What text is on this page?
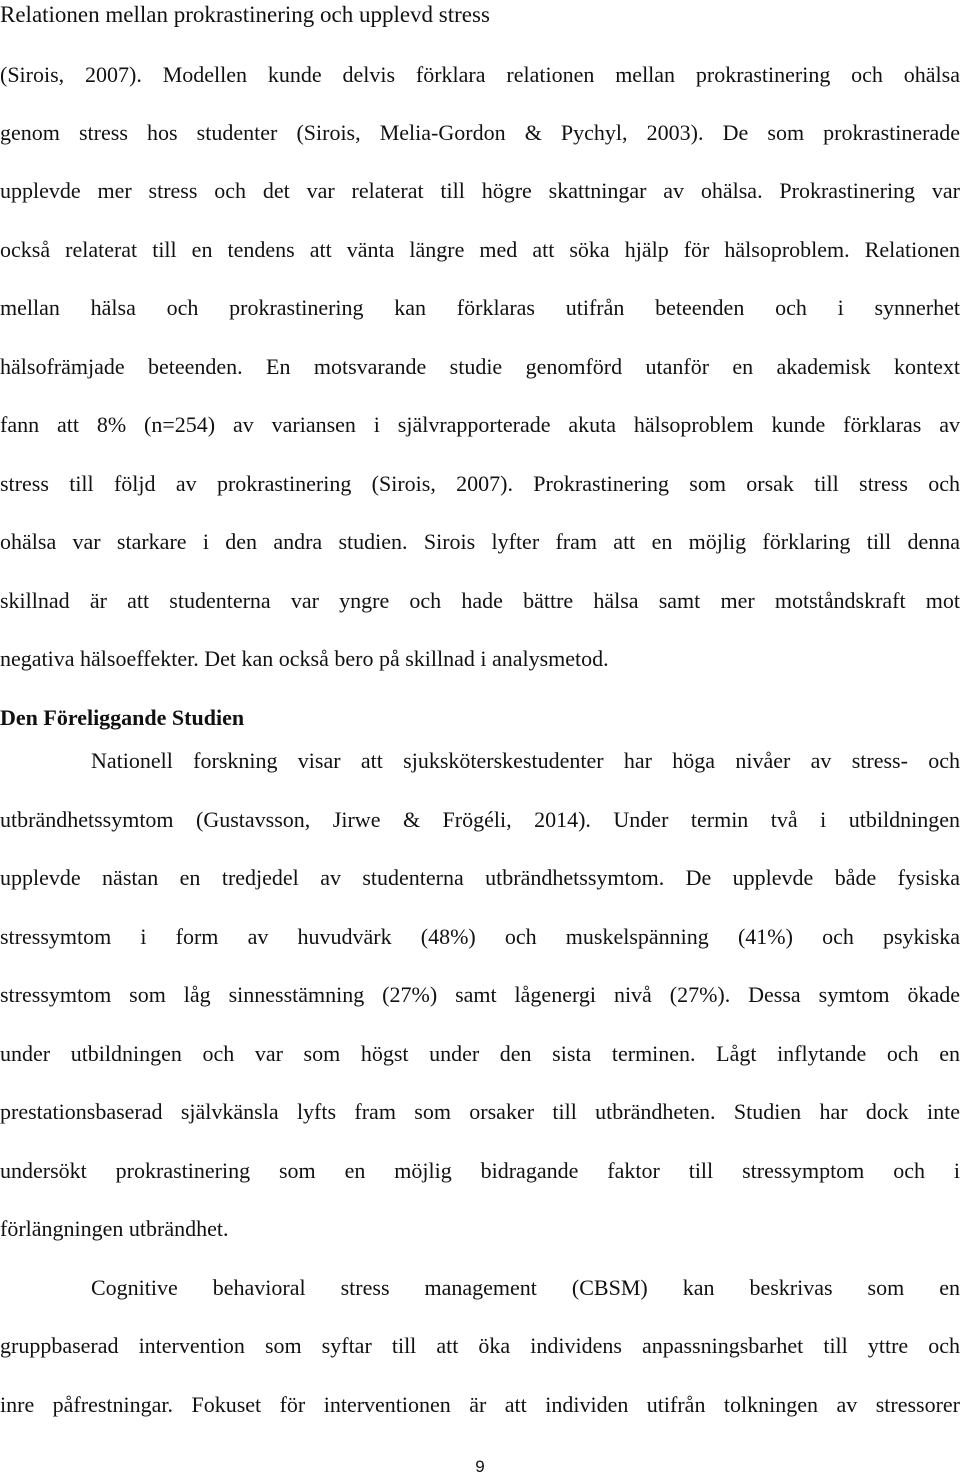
Relationen mellan prokrastinering och upplevd stress
(Sirois, 2007). Modellen kunde delvis förklara relationen mellan prokrastinering och ohälsa
genom stress hos studenter (Sirois, Melia-Gordon & Pychyl, 2003). De som prokrastinerade
upplevde mer stress och det var relaterat till högre skattningar av ohälsa. Prokrastinering var
också relaterat till en tendens att vänta längre med att söka hjälp för hälsoproblem. Relationen
mellan hälsa och prokrastinering kan förklaras utifrån beteenden och i synnerhet
hälsofrämjade beteenden. En motsvarande studie genomförd utanför en akademisk kontext
fann att 8% (n=254) av variansen i självrapporterade akuta hälsoproblem kunde förklaras av
stress till följd av prokrastinering (Sirois, 2007). Prokrastinering som orsak till stress och
ohälsa var starkare i den andra studien. Sirois lyfter fram att en möjlig förklaring till denna
skillnad är att studenterna var yngre och hade bättre hälsa samt mer motståndskraft mot
negativa hälsoeffekter. Det kan också bero på skillnad i analysmetod.
Den Föreliggande Studien
Nationell forskning visar att sjuksköterskestudenter har höga nivåer av stress- och
utbrändhetssymtom (Gustavsson, Jirwe & Frögéli, 2014). Under termin två i utbildningen
upplevde nästan en tredjedel av studenterna utbrändhetssymtom. De upplevde både fysiska
stressymtom i form av huvudvärk (48%) och muskelspänning (41%) och psykiska
stressymtom som låg sinnesstämning (27%) samt lågenergi nivå (27%). Dessa symtom ökade
under utbildningen och var som högst under den sista terminen. Lågt inflytande och en
prestationsbaserad självkänsla lyfts fram som orsaker till utbrändheten. Studien har dock inte
undersökt prokrastinering som en möjlig bidragande faktor till stressymptom och i
förlängningen utbrändhet.
Cognitive behavioral stress management (CBSM) kan beskrivas som en
gruppbaserad intervention som syftar till att öka individens anpassningsbarhet till yttre och
inre påfrestningar. Fokuset för interventionen är att individen utifrån tolkningen av stressorer
9
